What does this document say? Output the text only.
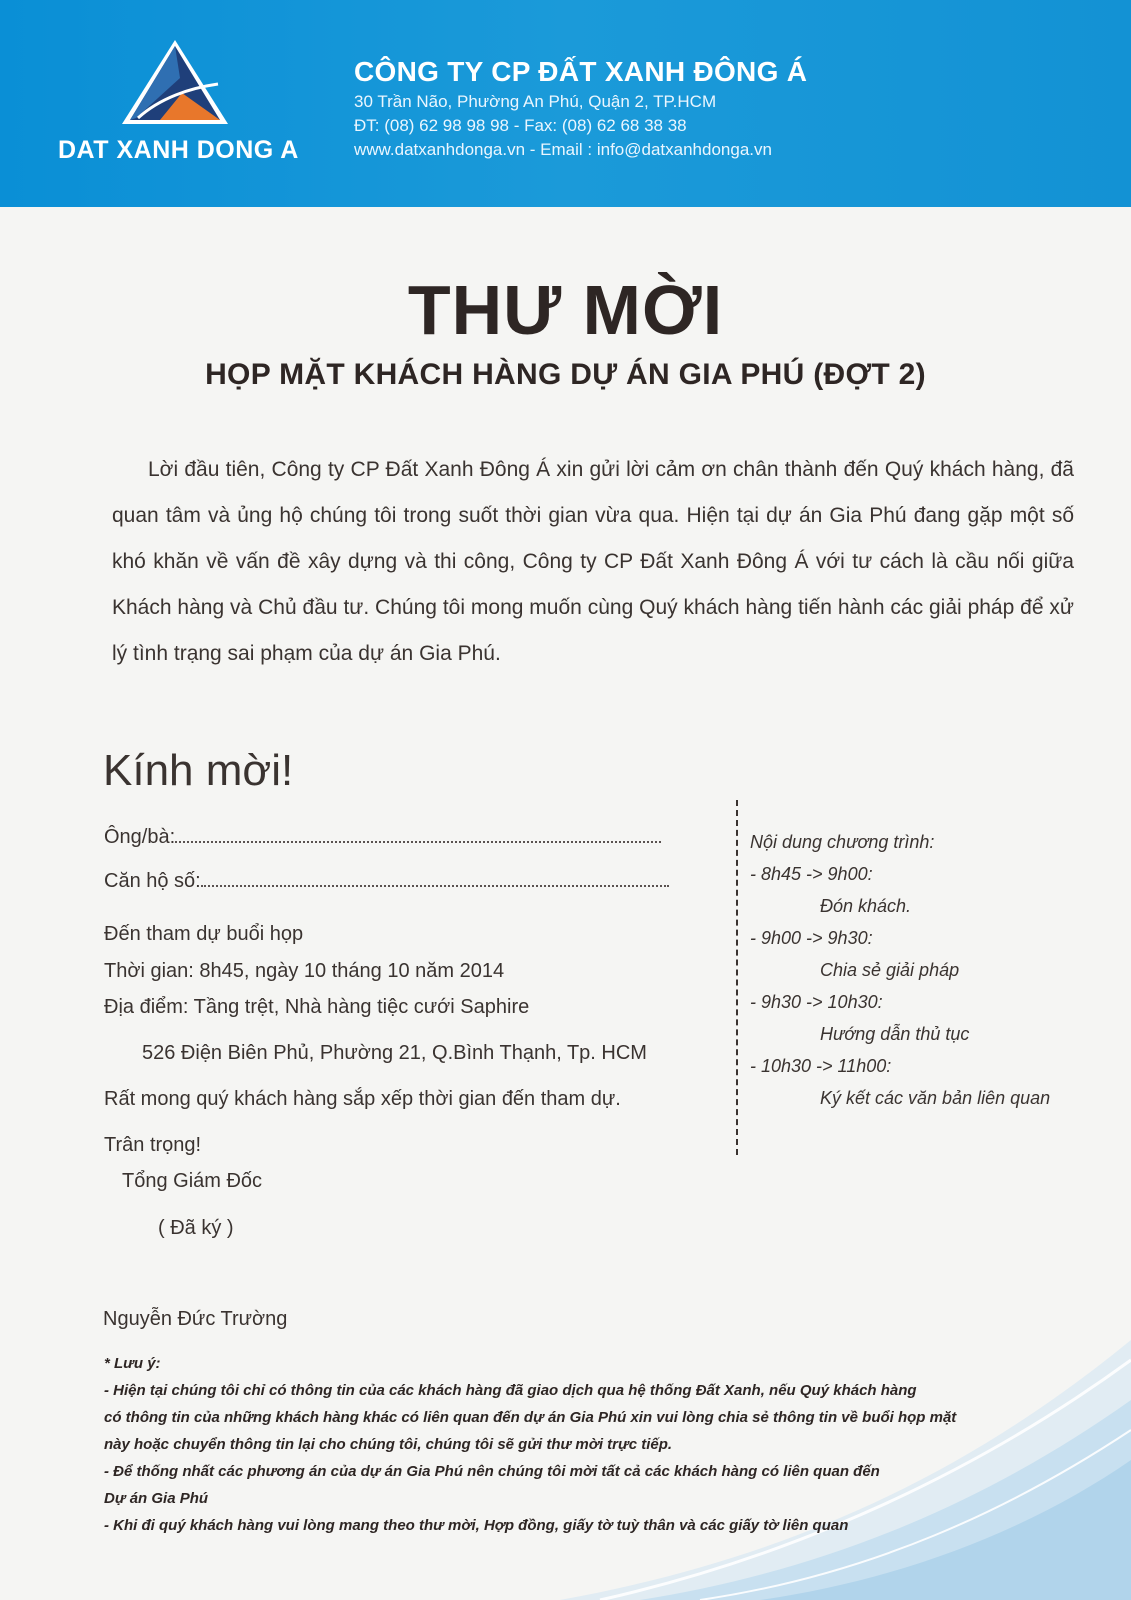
DAT XANH DONG A
CÔNG TY CP ĐẤT XANH ĐÔNG Á
30 Trần Não, Phường An Phú, Quận 2, TP.HCM
ĐT: (08) 62 98 98 98 - Fax: (08) 62 68 38 38
www.datxanhdonga.vn - Email : info@datxanhdonga.vn
THƯ MỜI
HỌP MẶT KHÁCH HÀNG DỰ ÁN GIA PHÚ (ĐỢT 2)
Lời đầu tiên, Công ty CP Đất Xanh Đông Á xin gửi lời cảm ơn chân thành đến Quý khách hàng, đã quan tâm và ủng hộ chúng tôi trong suốt thời gian vừa qua. Hiện tại dự án Gia Phú đang gặp một số khó khăn về vấn đề xây dựng và thi công, Công ty CP Đất Xanh Đông Á với tư cách là cầu nối giữa Khách hàng và Chủ đầu tư. Chúng tôi mong muốn cùng Quý khách hàng tiến hành các giải pháp để xử lý tình trạng sai phạm của dự án Gia Phú.
Kính mời!
Ông/bà:
Căn hộ số:
Đến tham dự buổi họp
Thời gian: 8h45, ngày 10 tháng 10 năm 2014
Địa điểm: Tầng trệt, Nhà hàng tiệc cưới Saphire
526 Điện Biên Phủ, Phường 21, Q.Bình Thạnh, Tp. HCM
Rất mong quý khách hàng sắp xếp thời gian đến tham dự.
Trân trọng!
Tổng Giám Đốc
( Đã ký )
Nội dung chương trình:
- 8h45 -> 9h00:
Đón khách.
- 9h00 -> 9h30:
Chia sẻ giải pháp
- 9h30 -> 10h30:
Hướng dẫn thủ tục
- 10h30 -> 11h00:
Ký kết các văn bản liên quan
Nguyễn Đức Trường
* Lưu ý:
- Hiện tại chúng tôi chỉ có thông tin của các khách hàng đã giao dịch qua hệ thống Đất Xanh, nếu Quý khách hàng
có thông tin của những khách hàng khác có liên quan đến dự án Gia Phú xin vui lòng chia sẻ thông tin về buổi họp mặt
này hoặc chuyển thông tin lại cho chúng tôi, chúng tôi sẽ gửi thư mời trực tiếp.
- Để thống nhất các phương án của dự án Gia Phú nên chúng tôi mời tất cả các khách hàng có liên quan đến
Dự án Gia Phú
- Khi đi quý khách hàng vui lòng mang theo thư mời, Hợp đồng, giấy tờ tuỳ thân và các giấy tờ liên quan
